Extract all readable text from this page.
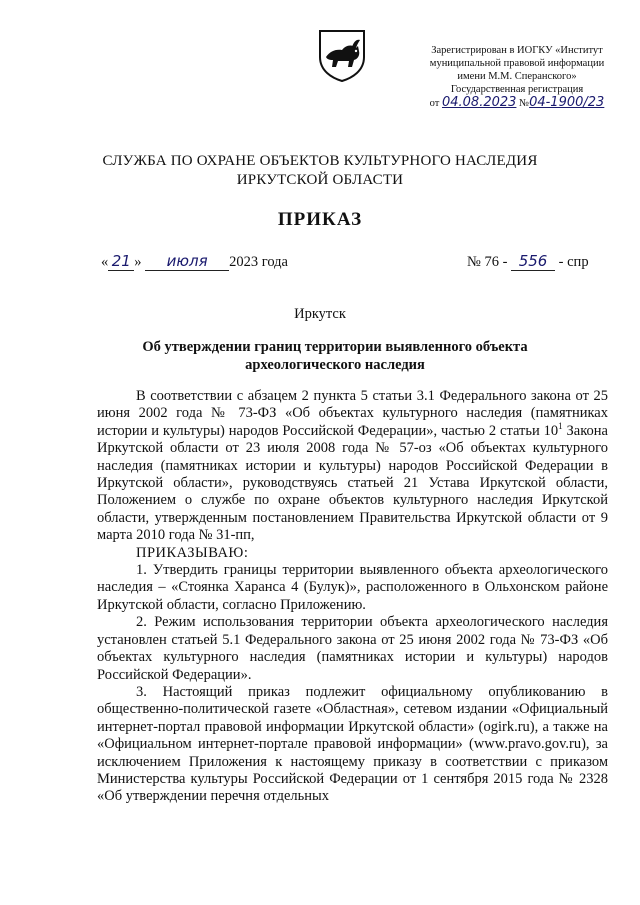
Зарегистрирован в ИОГКУ «Институт
муниципальной правовой информации
имени М.М. Сперанского»
Государственная регистрация
от 04.08.2023 №04-1900/23
СЛУЖБА ПО ОХРАНЕ ОБЪЕКТОВ КУЛЬТУРНОГО НАСЛЕДИЯ
ИРКУТСКОЙ ОБЛАСТИ
ПРИКАЗ
« 21 » июля 2023 года	№ 76 - 556 - спр
Иркутск
Об утверждении границ территории выявленного объекта
археологического наследия

В соответствии с абзацем 2 пункта 5 статьи 3.1 Федерального закона от 25 июня 2002 года № 73-ФЗ «Об объектах культурного наследия (памятниках истории и культуры) народов Российской Федерации», частью 2 статьи $10^1$ Закона Иркутской области от 23 июля 2008 года № 57-оз «Об объектах культурного наследия (памятниках истории и культуры) народов Российской Федерации в Иркутской области», руководствуясь статьей 21 Устава Иркутской области, Положением о службе по охране объектов культурного наследия Иркутской области, утвержденным постановлением Правительства Иркутской области от 9 марта 2010 года № 31-пп,

ПРИКАЗЫВАЮ:

1. Утвердить границы территории выявленного объекта археологического наследия – «Стоянка Харанса 4 (Булук)», расположенного в Ольхонском районе Иркутской области, согласно Приложению.

2. Режим использования территории объекта археологического наследия установлен статьей 5.1 Федерального закона от 25 июня 2002 года № 73-ФЗ «Об объектах культурного наследия (памятниках истории и культуры) народов Российской Федерации».

3. Настоящий приказ подлежит официальному опубликованию в общественно-политической газете «Областная», сетевом издании «Официальный интернет-портал правовой информации Иркутской области» (ogirk.ru), а также на «Официальном интернет-портале правовой информации» (www.pravo.gov.ru), за исключением Приложения к настоящему приказу в соответствии с приказом Министерства культуры Российской Федерации от 1 сентября 2015 года № 2328 «Об утверждении перечня отдельных
